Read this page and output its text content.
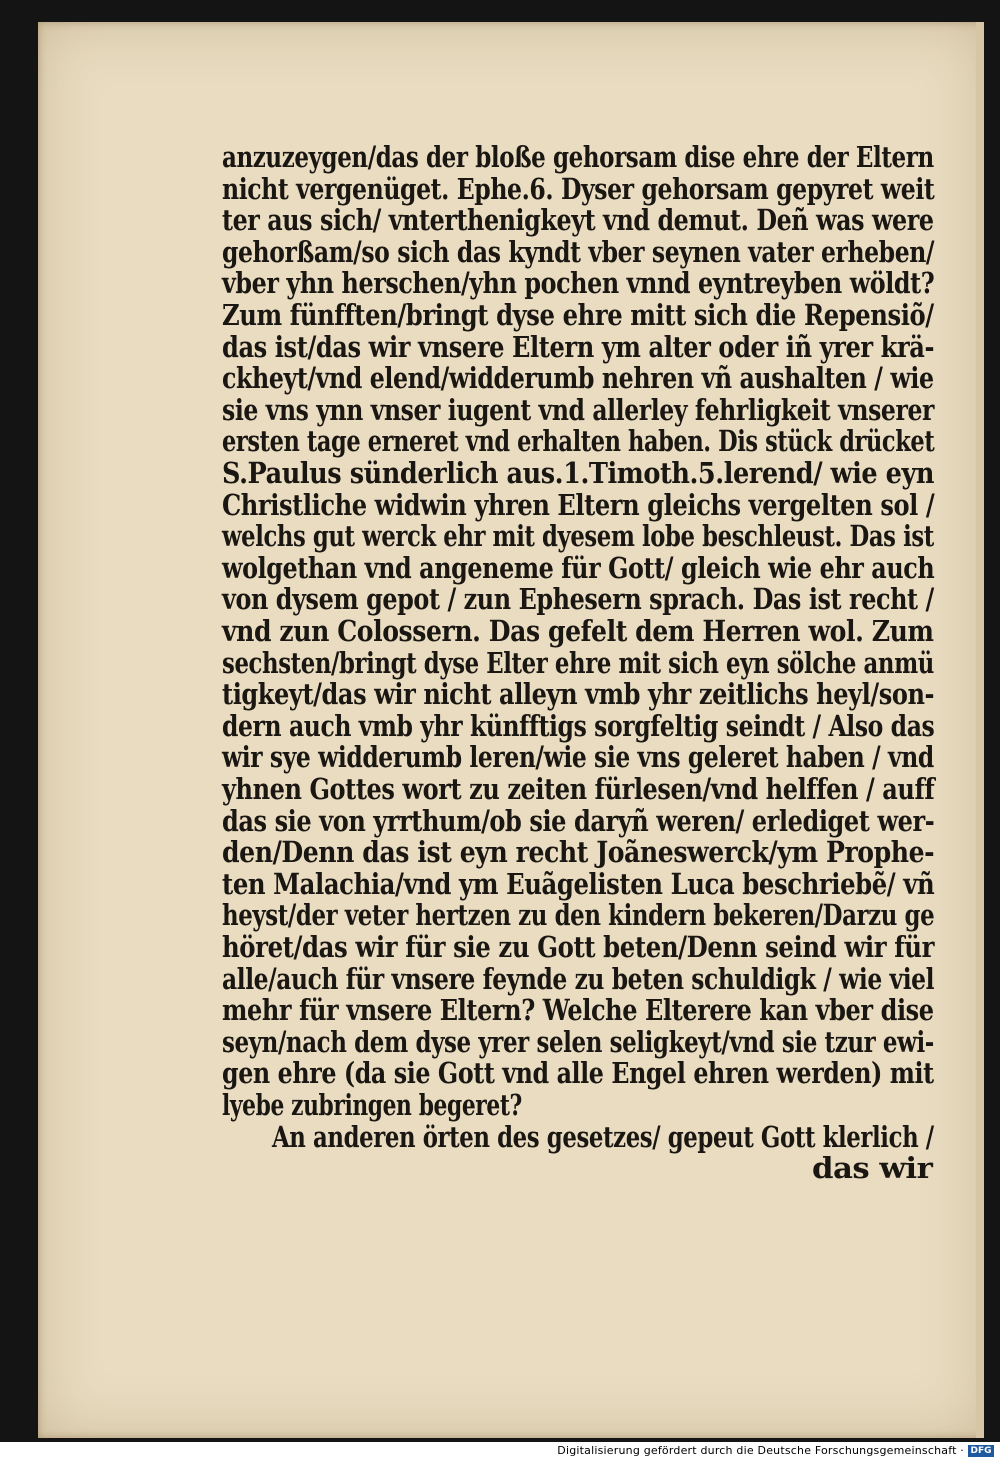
anzuzeygen/das der bloße gehorsam dise ehre der Eltern
nicht vergenüget. Ephe.6. Dyser gehorsam gepyret weit
ter aus sich/ vnterthenigkeyt vnd demut. Deñ was were
gehorßam/so sich das kyndt vber seynen vater erheben/
vber yhn herschen/yhn pochen vnnd eyntreyben wöldt?
Zum fünfften/bringt dyse ehre mitt sich die Repensiõ/
das ist/das wir vnsere Eltern ym alter oder iñ yrer krä-
ckheyt/vnd elend/widderumb nehren vñ aushalten / wie
sie vns ynn vnser iugent vnd allerley fehrligkeit vnserer
ersten tage erneret vnd erhalten haben. Dis stück drücket
S.Paulus sünderlich aus.1.Timoth.5.lerend/ wie eyn
Christliche widwin yhren Eltern gleichs vergelten sol /
welchs gut werck ehr mit dyesem lobe beschleust. Das ist
wolgethan vnd angeneme für Gott/ gleich wie ehr auch
von dysem gepot / zun Ephesern sprach. Das ist recht /
vnd zun Colossern. Das gefelt dem Herren wol. Zum
sechsten/bringt dyse Elter ehre mit sich eyn sölche anmü
tigkeyt/das wir nicht alleyn vmb yhr zeitlichs heyl/son-
dern auch vmb yhr künfftigs sorgfeltig seindt / Also das
wir sye widderumb leren/wie sie vns geleret haben / vnd
yhnen Gottes wort zu zeiten fürlesen/vnd helffen / auff
das sie von yrrthum/ob sie daryñ weren/ erlediget wer-
den/Denn das ist eyn recht Joãneswerck/ym Prophe-
ten Malachia/vnd ym Euãgelisten Luca beschriebẽ/ vñ
heyst/der veter hertzen zu den kindern bekeren/Darzu ge
höret/das wir für sie zu Gott beten/Denn seind wir für
alle/auch für vnsere feynde zu beten schuldigk / wie viel
mehr für vnsere Eltern? Welche Elterere kan vber dise
seyn/nach dem dyse yrer selen seligkeyt/vnd sie tzur ewi-
gen ehre (da sie Gott vnd alle Engel ehren werden) mit
lyebe zubringen begeret?
An anderen örten des gesetzes/ gepeut Gott klerlich /
das wir
Digitalisierung gefördert durch die Deutsche Forschungsgemeinschaft · DFG
